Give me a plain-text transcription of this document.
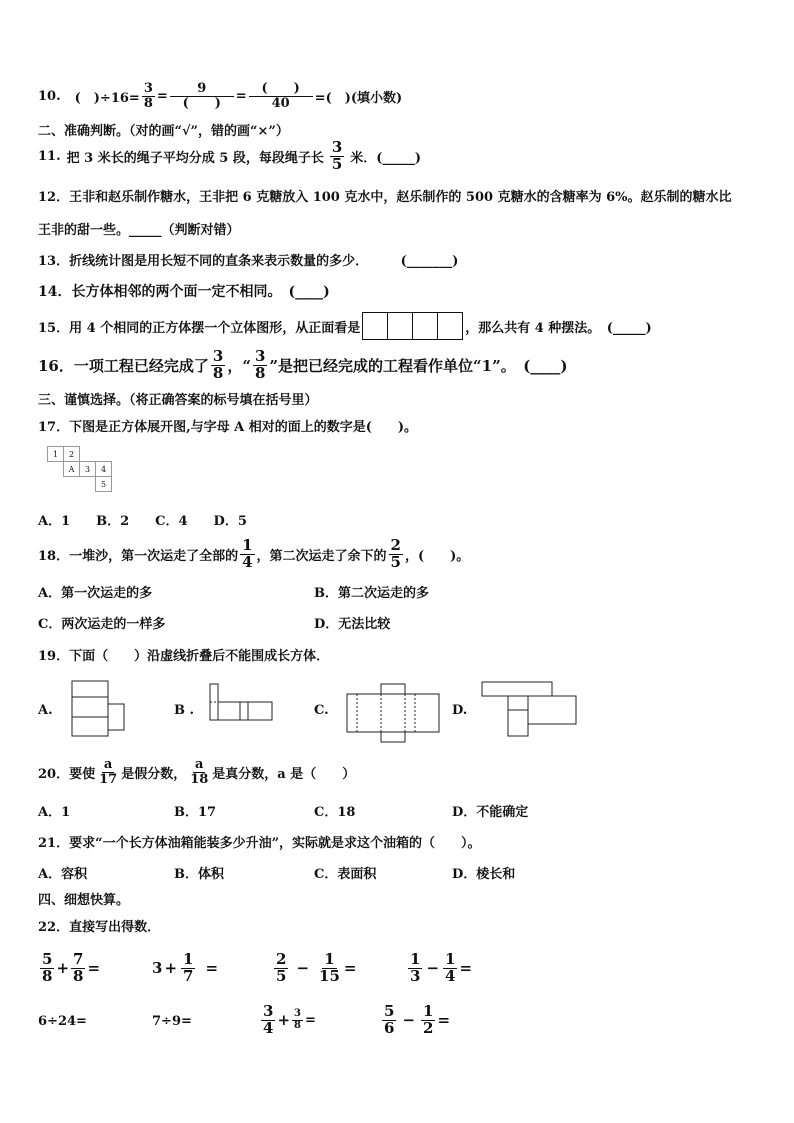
10. (　)$\div 16= \frac{3}{8} = \frac{9}{( )} = \frac{( )}{40}$ =(　)(填小数)
二、准确判断。（对的画“√”，错的画“×”）
11. 把 3 米长的绳子平均分成 5 段，每段绳子长 $\frac{3}{5}$ 米．(_____)
12．王非和赵乐制作糖水，王非把 6 克糖放入 100 克水中，赵乐制作的 500 克糖水的含糖率为 6%。赵乐制的糖水比
王非的甜一些。_____（判断对错）
13．折线统计图是用长短不同的直条来表示数量的多少．　　　(_______)
14．长方体相邻的两个面一定不相同。　(____)
15．用 4 个相同的正方体摆一个立体图形，从正面看是	，那么共有 4 种摆法。　(_____)
16．一项工程已经完成了 $\frac{3}{8}$ ，“ $\frac{3}{8}$ ”是把已经完成的工程看作单位“1”。　(____)
三、谨慎选择。（将正确答案的标号填在括号里）
17．下图是正方体展开图,与字母 A 相对的面上的数字是(　　)。
1	2		
	A	3	4
			5
A．1　　B．2　　C．4　　D．5
18．一堆沙，第一次运走了全部的 $\frac{1}{4}$ ，第二次运走了余下的 $\frac{2}{5}$ ，(　　)。
A．第一次运走的多	B．第二次运走的多
C．两次运走的一样多	D．无法比较
19．下面（　　）沿虚线折叠后不能围成长方体．
A.	B .	C.	D.
20．要使 $\frac{a}{17}$ 是假分数， $\frac{a}{18}$ 是真分数，a 是（　　）
A．1	B．17	C．18	D．不能确定
21．要求“一个长方体油箱能装多少升油”，实际就是求这个油箱的（　　）。
A．容积	B．体积	C．表面积	D．棱长和
四、细想快算。
22．直接写出得数．
$\frac{5}{8} + \frac{7}{8}$ =	$3 + \frac{1}{7}$ =	$\frac{2}{5} - \frac{1}{15}$ =	$\frac{1}{3} - \frac{1}{4}$ =
6÷24=	7÷9=	$\frac{3}{4} + \frac{3}{8}$ =	$\frac{5}{6} - \frac{1}{2}$ =
